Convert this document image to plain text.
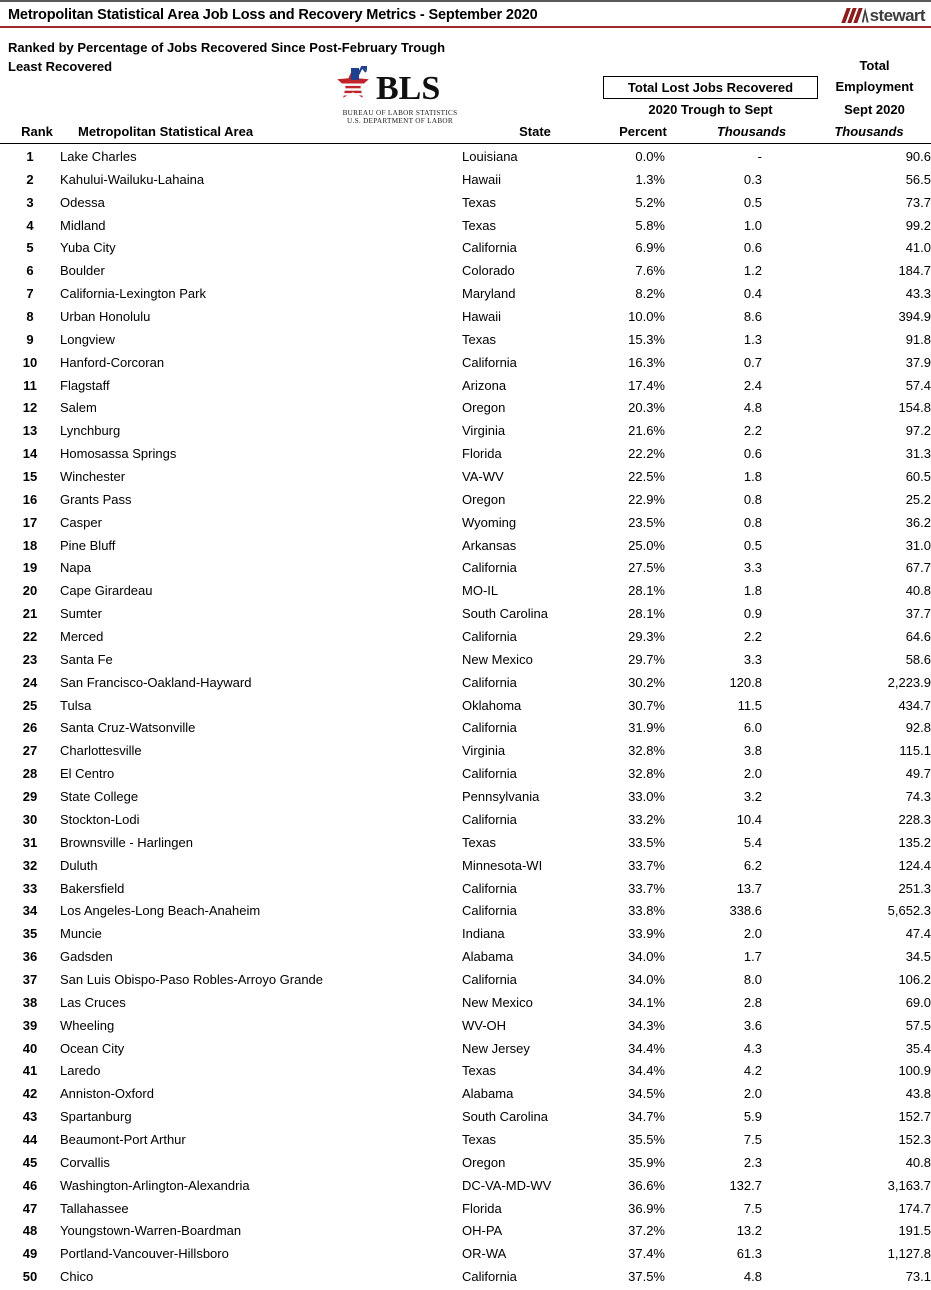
Metropolitan Statistical Area Job Loss and Recovery Metrics - September 2020	stewart
Ranked by Percentage of Jobs Recovered Since Post-February Trough
Least Recovered
BLS
BUREAU OF LABOR STATISTICS
U.S. DEPARTMENT OF LABOR
Total Lost Jobs Recovered
2020 Trough to Sept
Total
Employment
Sept 2020
Rank	Metropolitan Statistical Area	State	Percent	Thousands	Thousands
1	Lake Charles	Louisiana	0.0%	-	90.6
2	Kahului-Wailuku-Lahaina	Hawaii	1.3%	0.3	56.5
3	Odessa	Texas	5.2%	0.5	73.7
4	Midland	Texas	5.8%	1.0	99.2
5	Yuba City	California	6.9%	0.6	41.0
6	Boulder	Colorado	7.6%	1.2	184.7
7	California-Lexington Park	Maryland	8.2%	0.4	43.3
8	Urban Honolulu	Hawaii	10.0%	8.6	394.9
9	Longview	Texas	15.3%	1.3	91.8
10	Hanford-Corcoran	California	16.3%	0.7	37.9
11	Flagstaff	Arizona	17.4%	2.4	57.4
12	Salem	Oregon	20.3%	4.8	154.8
13	Lynchburg	Virginia	21.6%	2.2	97.2
14	Homosassa Springs	Florida	22.2%	0.6	31.3
15	Winchester	VA-WV	22.5%	1.8	60.5
16	Grants Pass	Oregon	22.9%	0.8	25.2
17	Casper	Wyoming	23.5%	0.8	36.2
18	Pine Bluff	Arkansas	25.0%	0.5	31.0
19	Napa	California	27.5%	3.3	67.7
20	Cape Girardeau	MO-IL	28.1%	1.8	40.8
21	Sumter	South Carolina	28.1%	0.9	37.7
22	Merced	California	29.3%	2.2	64.6
23	Santa Fe	New Mexico	29.7%	3.3	58.6
24	San Francisco-Oakland-Hayward	California	30.2%	120.8	2,223.9
25	Tulsa	Oklahoma	30.7%	11.5	434.7
26	Santa Cruz-Watsonville	California	31.9%	6.0	92.8
27	Charlottesville	Virginia	32.8%	3.8	115.1
28	El Centro	California	32.8%	2.0	49.7
29	State College	Pennsylvania	33.0%	3.2	74.3
30	Stockton-Lodi	California	33.2%	10.4	228.3
31	Brownsville - Harlingen	Texas	33.5%	5.4	135.2
32	Duluth	Minnesota-WI	33.7%	6.2	124.4
33	Bakersfield	California	33.7%	13.7	251.3
34	Los Angeles-Long Beach-Anaheim	California	33.8%	338.6	5,652.3
35	Muncie	Indiana	33.9%	2.0	47.4
36	Gadsden	Alabama	34.0%	1.7	34.5
37	San Luis Obispo-Paso Robles-Arroyo Grande	California	34.0%	8.0	106.2
38	Las Cruces	New Mexico	34.1%	2.8	69.0
39	Wheeling	WV-OH	34.3%	3.6	57.5
40	Ocean City	New Jersey	34.4%	4.3	35.4
41	Laredo	Texas	34.4%	4.2	100.9
42	Anniston-Oxford	Alabama	34.5%	2.0	43.8
43	Spartanburg	South Carolina	34.7%	5.9	152.7
44	Beaumont-Port Arthur	Texas	35.5%	7.5	152.3
45	Corvallis	Oregon	35.9%	2.3	40.8
46	Washington-Arlington-Alexandria	DC-VA-MD-WV	36.6%	132.7	3,163.7
47	Tallahassee	Florida	36.9%	7.5	174.7
48	Youngstown-Warren-Boardman	OH-PA	37.2%	13.2	191.5
49	Portland-Vancouver-Hillsboro	OR-WA	37.4%	61.3	1,127.8
50	Chico	California	37.5%	4.8	73.1
